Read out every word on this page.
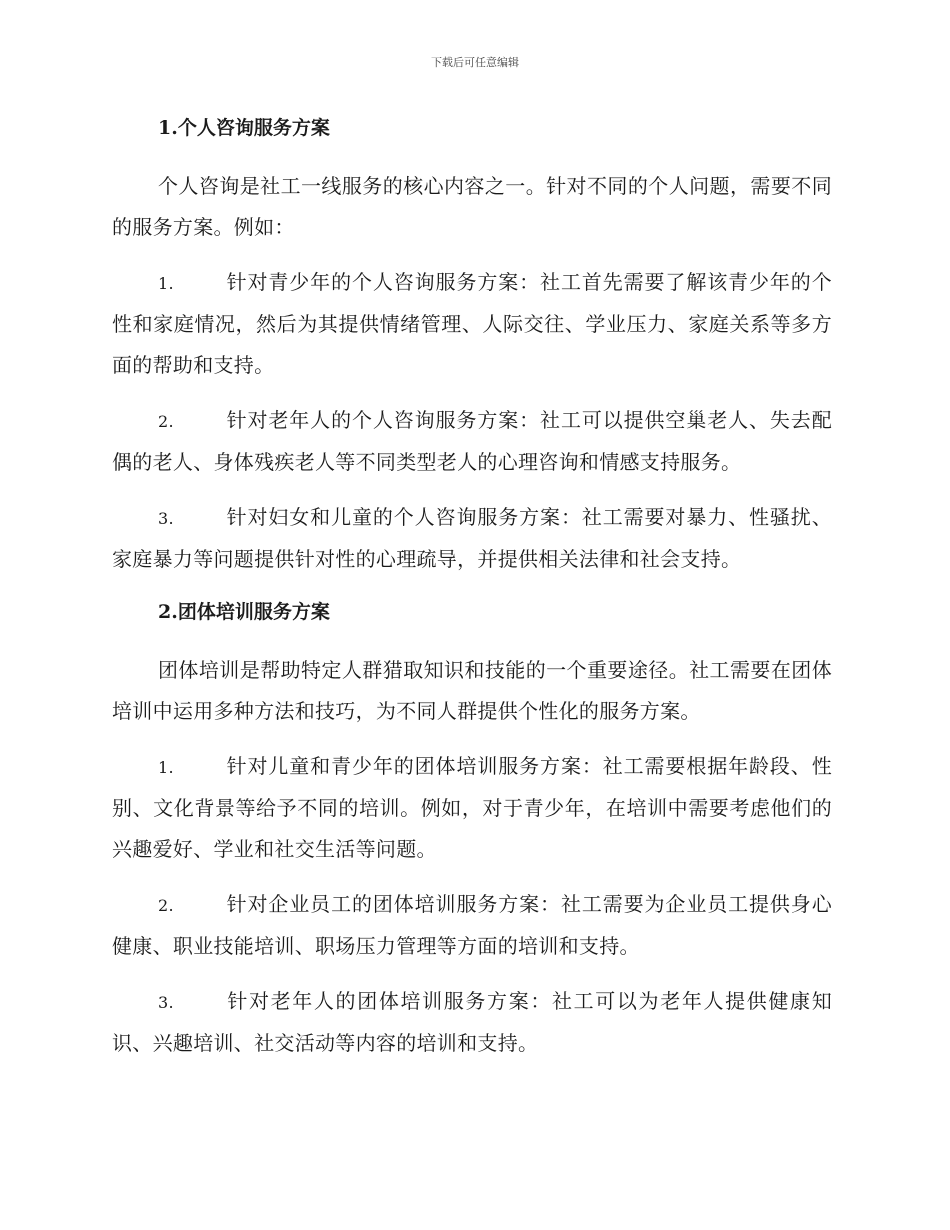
下载后可任意编辑
1.个人咨询服务方案

个人咨询是社工一线服务的核心内容之一。针对不同的个人问题，需要不同的服务方案。例如：

1.	针对青少年的个人咨询服务方案：社工首先需要了解该青少年的个性和家庭情况，然后为其提供情绪管理、人际交往、学业压力、家庭关系等多方面的帮助和支持。

2.	针对老年人的个人咨询服务方案：社工可以提供空巢老人、失去配偶的老人、身体残疾老人等不同类型老人的心理咨询和情感支持服务。

3.	针对妇女和儿童的个人咨询服务方案：社工需要对暴力、性骚扰、家庭暴力等问题提供针对性的心理疏导，并提供相关法律和社会支持。

2.团体培训服务方案

团体培训是帮助特定人群猎取知识和技能的一个重要途径。社工需要在团体培训中运用多种方法和技巧，为不同人群提供个性化的服务方案。

1.	针对儿童和青少年的团体培训服务方案：社工需要根据年龄段、性别、文化背景等给予不同的培训。例如，对于青少年，在培训中需要考虑他们的兴趣爱好、学业和社交生活等问题。

2.	针对企业员工的团体培训服务方案：社工需要为企业员工提供身心健康、职业技能培训、职场压力管理等方面的培训和支持。

3.	针对老年人的团体培训服务方案：社工可以为老年人提供健康知识、兴趣培训、社交活动等内容的培训和支持。
